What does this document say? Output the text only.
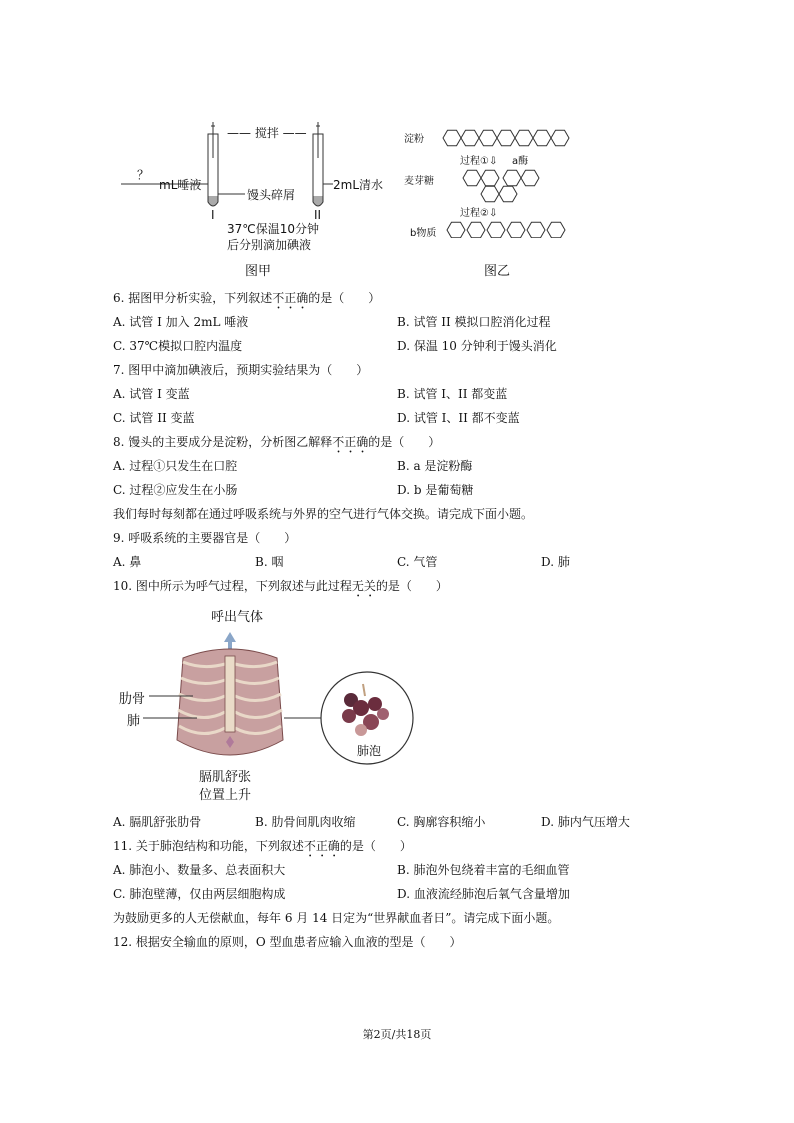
—— 搅拌 ——
？
mL唾液
馒头碎屑
2mL清水
I	II
37℃保温10分钟
后分别滴加碘液
图甲
淀粉
过程①⇩ a酶
麦芽糖
过程②⇩
b物质
图乙
6. 据图甲分析实验，下列叙述不正确的是（　　）
A. 试管 I 加入 2mL 唾液	B. 试管 II 模拟口腔消化过程
C. 37℃模拟口腔内温度	D. 保温 10 分钟利于馒头消化
7. 图甲中滴加碘液后，预期实验结果为（　　）
A. 试管 I 变蓝	B. 试管 I、II 都变蓝
C. 试管 II 变蓝	D. 试管 I、II 都不变蓝
8. 馒头的主要成分是淀粉，分析图乙解释不正确的是（　　）
A. 过程①只发生在口腔	B. a 是淀粉酶
C. 过程②应发生在小肠	D. b 是葡萄糖
我们每时每刻都在通过呼吸系统与外界的空气进行气体交换。请完成下面小题。
9. 呼吸系统的主要器官是（　　）
A. 鼻	B. 咽	C. 气管	D. 肺
10. 图中所示为呼气过程，下列叙述与此过程无关的是（　　）
呼出气体
肋骨
肺
膈肌舒张
位置上升
肺泡
A. 膈肌舒张肋骨	B. 肋骨间肌肉收缩	C. 胸廓容积缩小	D. 肺内气压增大
11. 关于肺泡结构和功能，下列叙述不正确的是（　　）
A. 肺泡小、数量多、总表面积大	B. 肺泡外包绕着丰富的毛细血管
C. 肺泡壁薄，仅由两层细胞构成	D. 血液流经肺泡后氧气含量增加
为鼓励更多的人无偿献血，每年 6 月 14 日定为“世界献血者日”。请完成下面小题。
12. 根据安全输血的原则，O 型血患者应输入血液的型是（　　）
第2页/共18页
